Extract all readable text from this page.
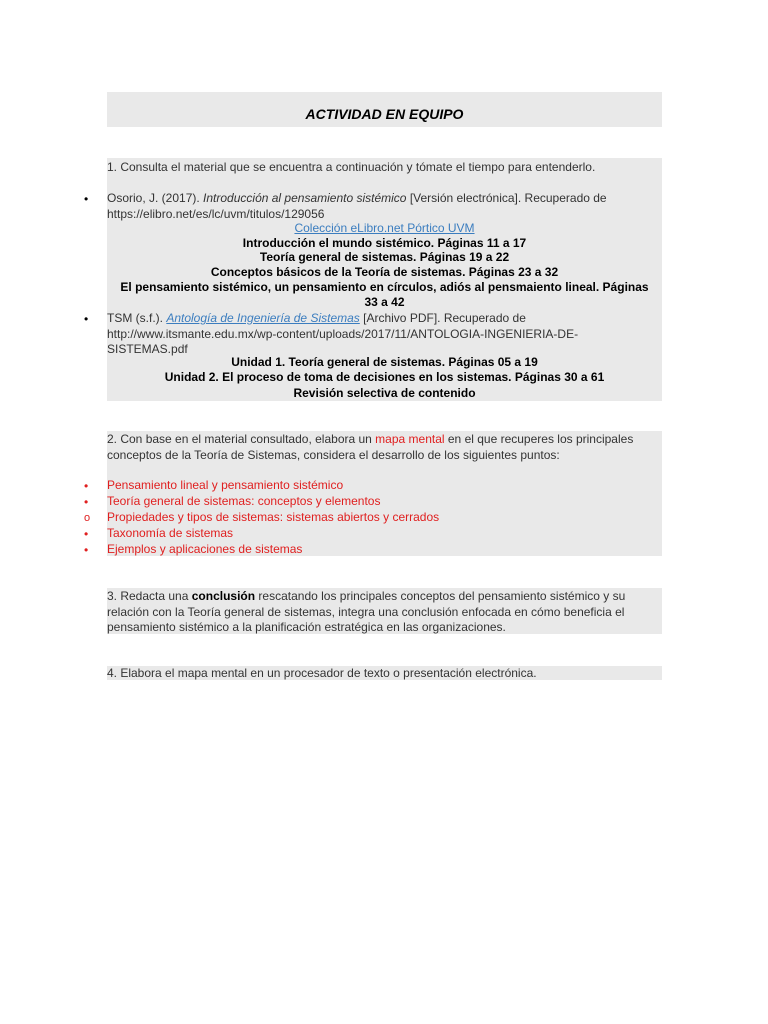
ACTIVIDAD EN EQUIPO
1. Consulta el material que se encuentra a continuación y tómate el tiempo para entenderlo.
• Osorio, J. (2017). Introducción al pensamiento sistémico [Versión electrónica]. Recuperado de
https://elibro.net/es/lc/uvm/titulos/129056
Colección eLibro.net Pórtico UVM
Introducción el mundo sistémico. Páginas 11 a 17
Teoría general de sistemas. Páginas 19 a 22
Conceptos básicos de la Teoría de sistemas. Páginas 23 a 32
El pensamiento sistémico, un pensamiento en círculos, adiós al pensmaiento lineal. Páginas
33 a 42
• TSM (s.f.). Antología de Ingeniería de Sistemas [Archivo PDF]. Recuperado de
http://www.itsmante.edu.mx/wp-content/uploads/2017/11/ANTOLOGIA-INGENIERIA-DE-
SISTEMAS.pdf
Unidad 1. Teoría general de sistemas. Páginas 05 a 19
Unidad 2. El proceso de toma de decisiones en los sistemas. Páginas 30 a 61
Revisión selectiva de contenido
2. Con base en el material consultado, elabora un mapa mental en el que recuperes los principales
conceptos de la Teoría de Sistemas, considera el desarrollo de los siguientes puntos:
• Pensamiento lineal y pensamiento sistémico
• Teoría general de sistemas: conceptos y elementos
o Propiedades y tipos de sistemas: sistemas abiertos y cerrados
• Taxonomía de sistemas
• Ejemplos y aplicaciones de sistemas
3. Redacta una conclusión rescatando los principales conceptos del pensamiento sistémico y su
relación con la Teoría general de sistemas, integra una conclusión enfocada en cómo beneficia el
pensamiento sistémico a la planificación estratégica en las organizaciones.
4. Elabora el mapa mental en un procesador de texto o presentación electrónica.
